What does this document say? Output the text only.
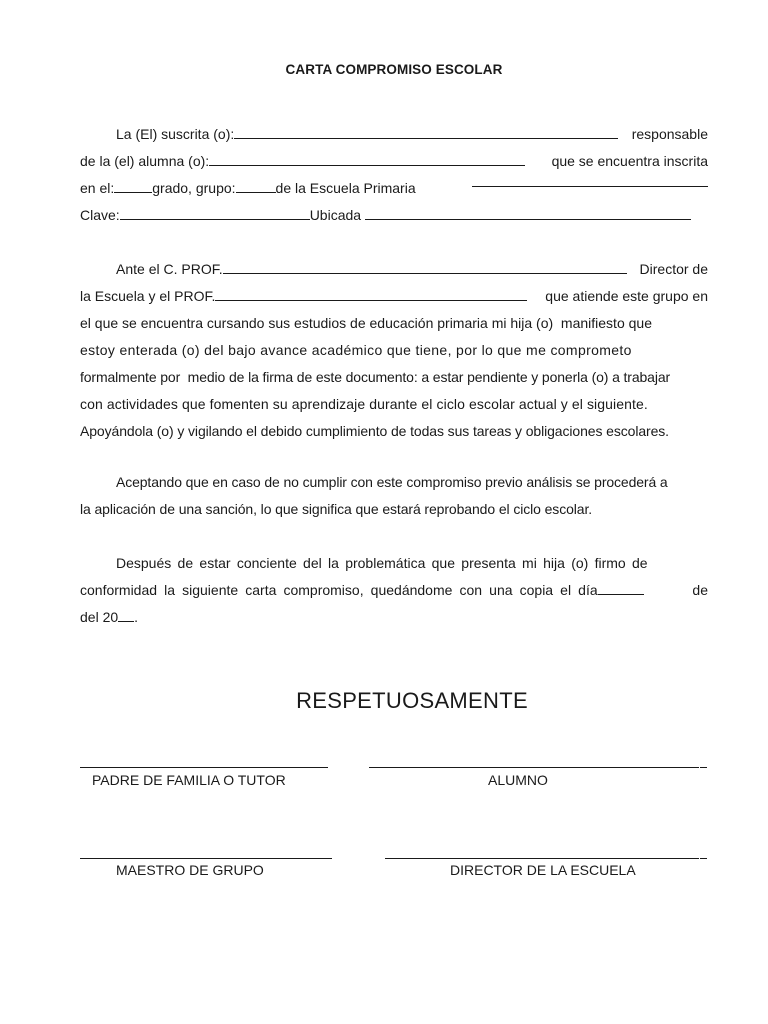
CARTA COMPROMISO ESCOLAR
La (El) suscrita (o):	responsable
de la (el) alumna (o):	que se encuentra inscrita
en el:	grado, grupo:	de la Escuela Primaria
Clave:	Ubicada
Ante el C. PROF.	Director de
la Escuela y el PROF.	que atiende este grupo en
el que se encuentra cursando sus estudios de educación primaria mi hija (o)  manifiesto que
estoy enterada (o) del bajo avance académico que tiene, por lo que me comprometo
formalmente por  medio de la firma de este documento: a estar pendiente y ponerla (o) a trabajar
con actividades que fomenten su aprendizaje durante el ciclo escolar actual y el siguiente.
Apoyándola (o) y vigilando el debido cumplimiento de todas sus tareas y obligaciones escolares.
Aceptando que en caso de no cumplir con este compromiso previo análisis se procederá a
la aplicación de una sanción, lo que significa que estará reprobando el ciclo escolar.
Después de estar conciente del la problemática que presenta mi hija (o) firmo de
conformidad la siguiente carta compromiso, quedándome con una copia el día	de
del 20 .
RESPETUOSAMENTE
PADRE DE FAMILIA O TUTOR	ALUMNO
MAESTRO DE GRUPO	DIRECTOR DE LA ESCUELA
